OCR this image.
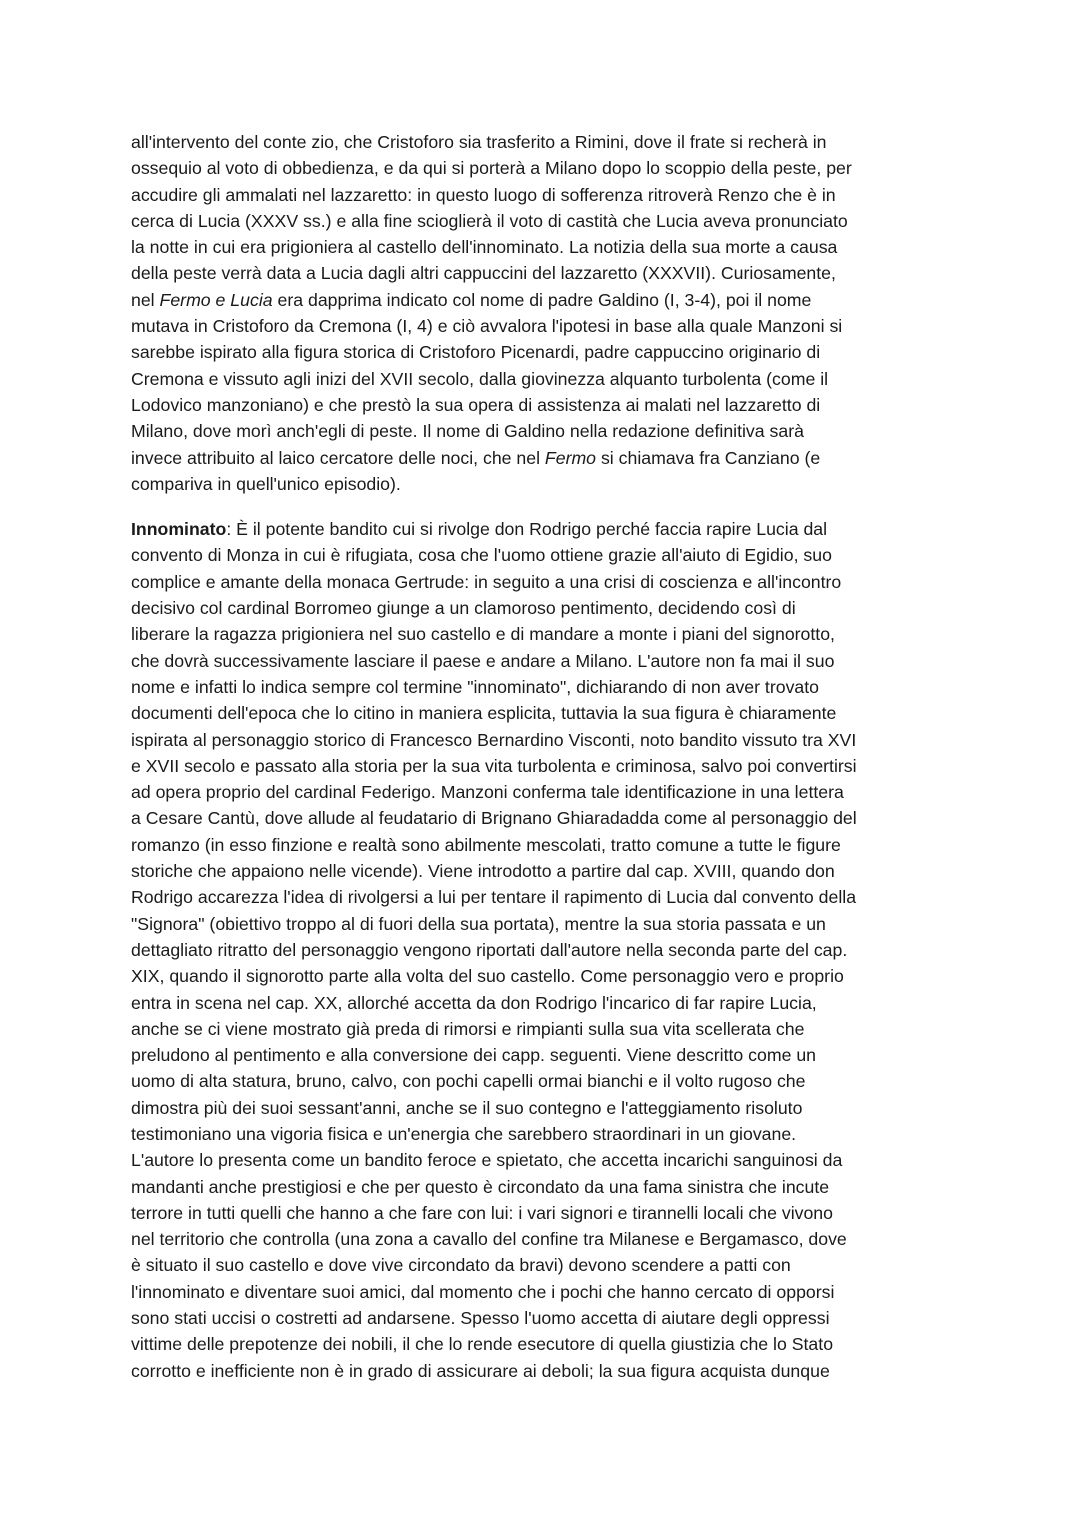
all'intervento del conte zio, che Cristoforo sia trasferito a Rimini, dove il frate si recherà in
ossequio al voto di obbedienza, e da qui si porterà a Milano dopo lo scoppio della peste, per
accudire gli ammalati nel lazzaretto: in questo luogo di sofferenza ritroverà Renzo che è in
cerca di Lucia (XXXV ss.) e alla fine scioglierà il voto di castità che Lucia aveva pronunciato
la notte in cui era prigioniera al castello dell'innominato. La notizia della sua morte a causa
della peste verrà data a Lucia dagli altri cappuccini del lazzaretto (XXXVII). Curiosamente,
nel Fermo e Lucia era dapprima indicato col nome di padre Galdino (I, 3-4), poi il nome
mutava in Cristoforo da Cremona (I, 4) e ciò avvalora l'ipotesi in base alla quale Manzoni si
sarebbe ispirato alla figura storica di Cristoforo Picenardi, padre cappuccino originario di
Cremona e vissuto agli inizi del XVII secolo, dalla giovinezza alquanto turbolenta (come il
Lodovico manzoniano) e che prestò la sua opera di assistenza ai malati nel lazzaretto di
Milano, dove morì anch'egli di peste. Il nome di Galdino nella redazione definitiva sarà
invece attribuito al laico cercatore delle noci, che nel Fermo si chiamava fra Canziano (e
compariva in quell'unico episodio).

Innominato: È il potente bandito cui si rivolge don Rodrigo perché faccia rapire Lucia dal
convento di Monza in cui è rifugiata, cosa che l'uomo ottiene grazie all'aiuto di Egidio, suo
complice e amante della monaca Gertrude: in seguito a una crisi di coscienza e all'incontro
decisivo col cardinal Borromeo giunge a un clamoroso pentimento, decidendo così di
liberare la ragazza prigioniera nel suo castello e di mandare a monte i piani del signorotto,
che dovrà successivamente lasciare il paese e andare a Milano. L'autore non fa mai il suo
nome e infatti lo indica sempre col termine "innominato", dichiarando di non aver trovato
documenti dell'epoca che lo citino in maniera esplicita, tuttavia la sua figura è chiaramente
ispirata al personaggio storico di Francesco Bernardino Visconti, noto bandito vissuto tra XVI
e XVII secolo e passato alla storia per la sua vita turbolenta e criminosa, salvo poi convertirsi
ad opera proprio del cardinal Federigo. Manzoni conferma tale identificazione in una lettera
a Cesare Cantù, dove allude al feudatario di Brignano Ghiaradadda come al personaggio del
romanzo (in esso finzione e realtà sono abilmente mescolati, tratto comune a tutte le figure
storiche che appaiono nelle vicende). Viene introdotto a partire dal cap. XVIII, quando don
Rodrigo accarezza l'idea di rivolgersi a lui per tentare il rapimento di Lucia dal convento della
"Signora" (obiettivo troppo al di fuori della sua portata), mentre la sua storia passata e un
dettagliato ritratto del personaggio vengono riportati dall'autore nella seconda parte del cap.
XIX, quando il signorotto parte alla volta del suo castello. Come personaggio vero e proprio
entra in scena nel cap. XX, allorché accetta da don Rodrigo l'incarico di far rapire Lucia,
anche se ci viene mostrato già preda di rimorsi e rimpianti sulla sua vita scellerata che
preludono al pentimento e alla conversione dei capp. seguenti. Viene descritto come un
uomo di alta statura, bruno, calvo, con pochi capelli ormai bianchi e il volto rugoso che
dimostra più dei suoi sessant'anni, anche se il suo contegno e l'atteggiamento risoluto
testimoniano una vigoria fisica e un'energia che sarebbero straordinari in un giovane.
L'autore lo presenta come un bandito feroce e spietato, che accetta incarichi sanguinosi da
mandanti anche prestigiosi e che per questo è circondato da una fama sinistra che incute
terrore in tutti quelli che hanno a che fare con lui: i vari signori e tirannelli locali che vivono
nel territorio che controlla (una zona a cavallo del confine tra Milanese e Bergamasco, dove
è situato il suo castello e dove vive circondato da bravi) devono scendere a patti con
l'innominato e diventare suoi amici, dal momento che i pochi che hanno cercato di opporsi
sono stati uccisi o costretti ad andarsene. Spesso l'uomo accetta di aiutare degli oppressi
vittime delle prepotenze dei nobili, il che lo rende esecutore di quella giustizia che lo Stato
corrotto e inefficiente non è in grado di assicurare ai deboli; la sua figura acquista dunque
